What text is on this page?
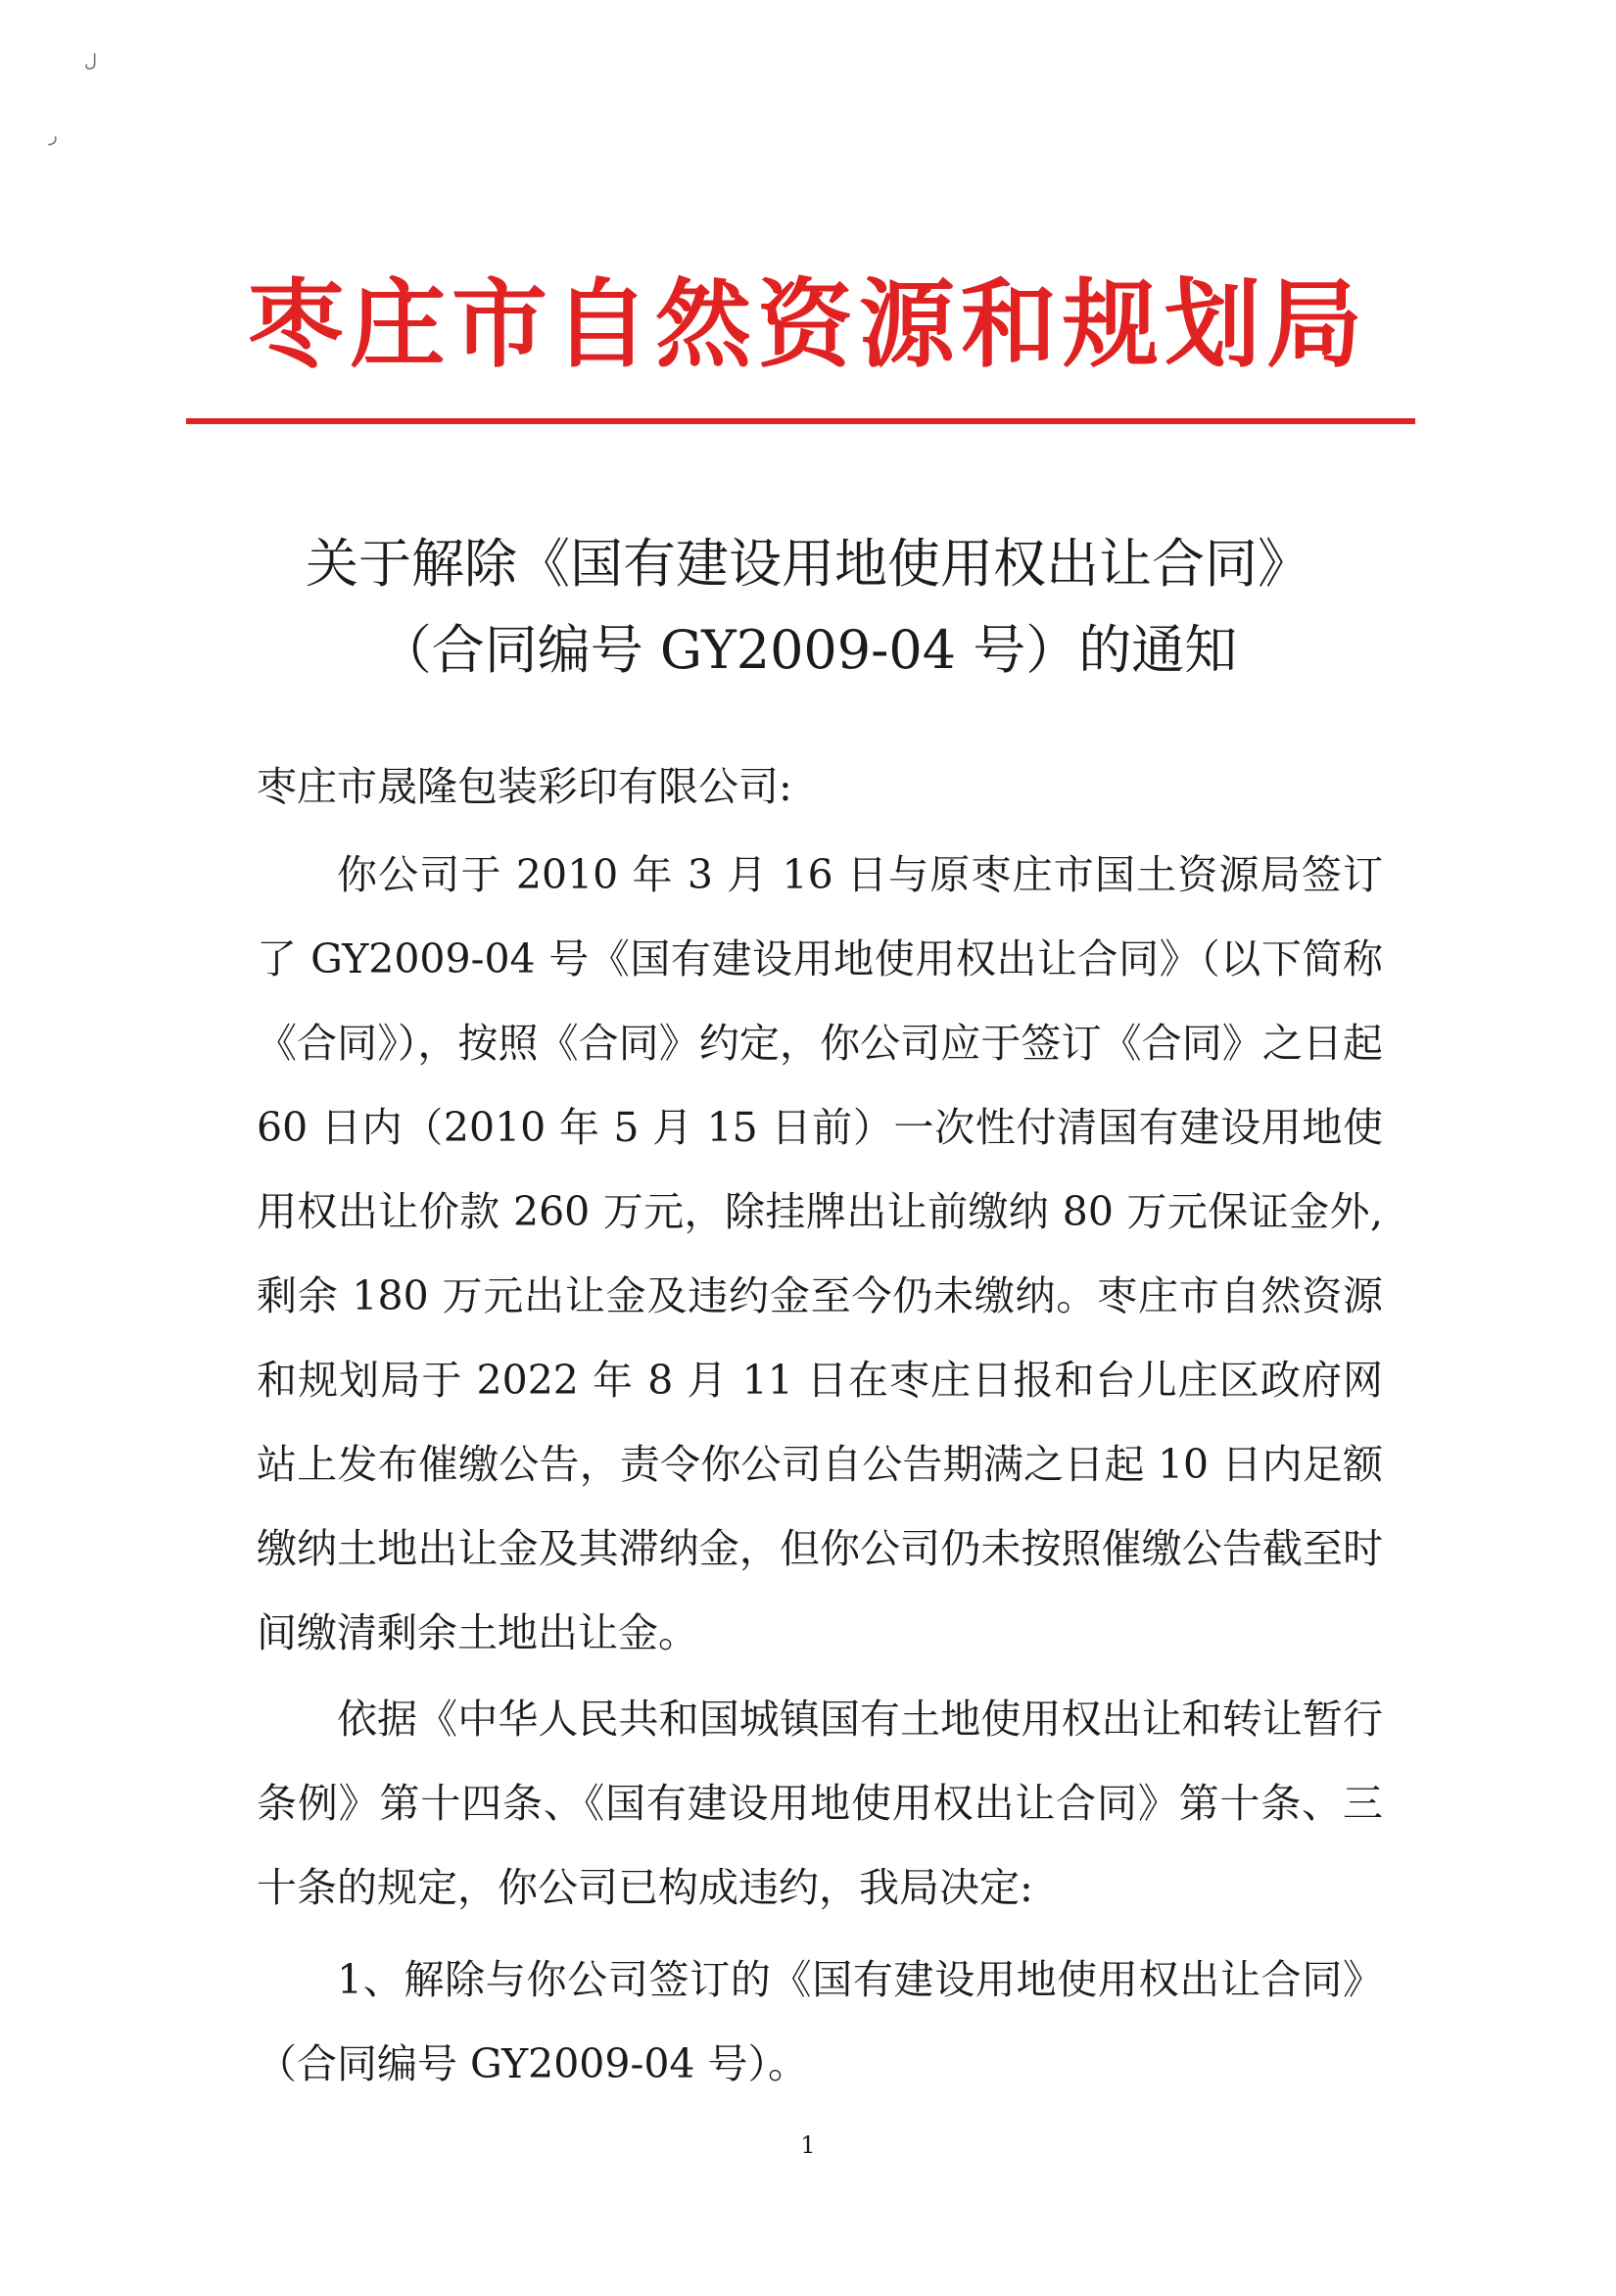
ل
ر
枣庄市自然资源和规划局
关于解除《国有建设用地使用权出让合同》
（合同编号 GY2009-04 号）的通知
枣庄市晟隆包装彩印有限公司:
你公司于 2010 年 3 月 16 日与原枣庄市国土资源局签订了 GY2009-04 号《国有建设用地使用权出让合同》（以下简称《合同》），按照《合同》约定，你公司应于签订《合同》之日起 60 日内（2010 年 5 月 15 日前）一次性付清国有建设用地使用权出让价款 260 万元，除挂牌出让前缴纳 80 万元保证金外,剩余 180 万元出让金及违约金至今仍未缴纳。枣庄市自然资源和规划局于 2022 年 8 月 11 日在枣庄日报和台儿庄区政府网站上发布催缴公告，责令你公司自公告期满之日起 10 日内足额缴纳土地出让金及其滞纳金，但你公司仍未按照催缴公告截至时间缴清剩余土地出让金。
依据《中华人民共和国城镇国有土地使用权出让和转让暂行条例》第十四条、《国有建设用地使用权出让合同》第十条、三十条的规定，你公司已构成违约，我局决定:
1、解除与你公司签订的《国有建设用地使用权出让合同》（合同编号 GY2009-04 号）。
1
